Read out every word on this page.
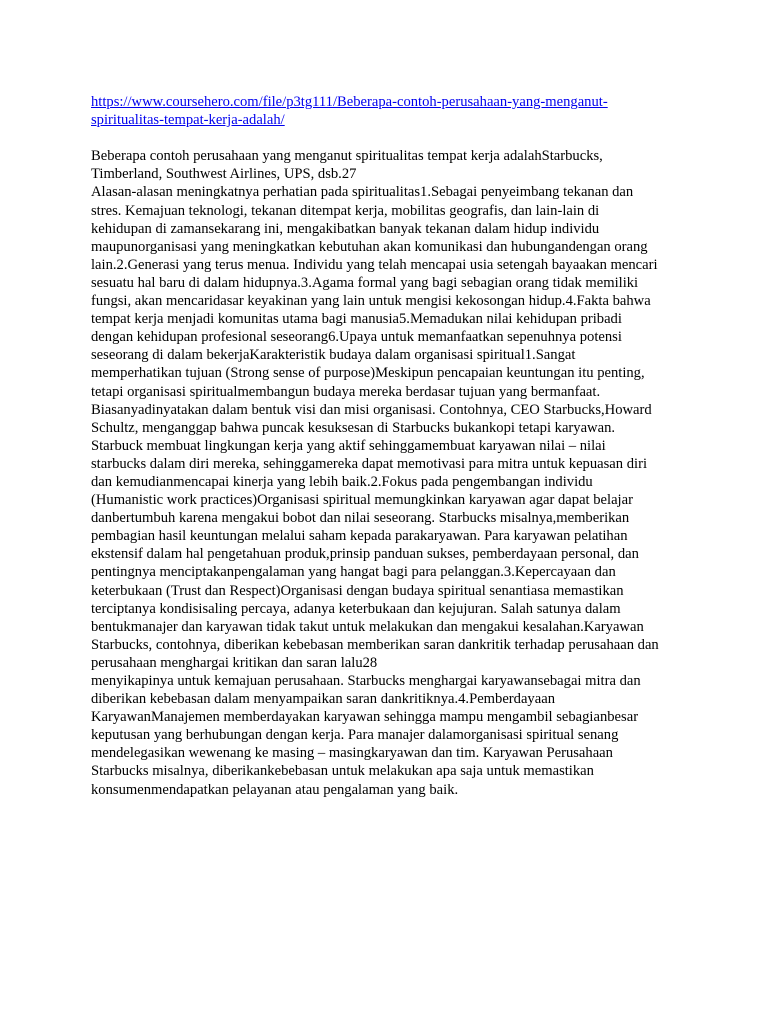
https://www.coursehero.com/file/p3tg111/Beberapa-contoh-perusahaan-yang-menganut-
spiritualitas-tempat-kerja-adalah/
Beberapa contoh perusahaan yang menganut spiritualitas tempat kerja adalahStarbucks,
Timberland, Southwest Airlines, UPS, dsb.27
Alasan-alasan meningkatnya perhatian pada spiritualitas1.Sebagai penyeimbang tekanan dan
stres. Kemajuan teknologi, tekanan ditempat kerja, mobilitas geografis, dan lain-lain di
kehidupan di zamansekarang ini, mengakibatkan banyak tekanan dalam hidup individu
maupunorganisasi yang meningkatkan kebutuhan akan komunikasi dan hubungandengan orang
lain.2.Generasi yang terus menua. Individu yang telah mencapai usia setengah bayaakan mencari
sesuatu hal baru di dalam hidupnya.3.Agama formal yang bagi sebagian orang tidak memiliki
fungsi, akan mencaridasar keyakinan yang lain untuk mengisi kekosongan hidup.4.Fakta bahwa
tempat kerja menjadi komunitas utama bagi manusia5.Memadukan nilai kehidupan pribadi
dengan kehidupan profesional seseorang6.Upaya untuk memanfaatkan sepenuhnya potensi
seseorang di dalam bekerjaKarakteristik budaya dalam organisasi spiritual1.Sangat
memperhatikan tujuan (Strong sense of purpose)Meskipun pencapaian keuntungan itu penting,
tetapi organisasi spiritualmembangun budaya mereka berdasar tujuan yang bermanfaat.
Biasanyadinyatakan dalam bentuk visi dan misi organisasi. Contohnya, CEO Starbucks,Howard
Schultz, menganggap bahwa puncak kesuksesan di Starbucks bukankopi tetapi karyawan.
Starbuck membuat lingkungan kerja yang aktif sehinggamembuat karyawan nilai – nilai
starbucks dalam diri mereka, sehinggamereka dapat memotivasi para mitra untuk kepuasan diri
dan kemudianmencapai kinerja yang lebih baik.2.Fokus pada pengembangan individu
(Humanistic work practices)Organisasi spiritual memungkinkan karyawan agar dapat belajar
danbertumbuh karena mengakui bobot dan nilai seseorang. Starbucks misalnya,memberikan
pembagian hasil keuntungan melalui saham kepada parakaryawan. Para karyawan pelatihan
ekstensif dalam hal pengetahuan produk,prinsip panduan sukses, pemberdayaan personal, dan
pentingnya menciptakanpengalaman yang hangat bagi para pelanggan.3.Kepercayaan dan
keterbukaan (Trust dan Respect)Organisasi dengan budaya spiritual senantiasa memastikan
terciptanya kondisisaling percaya, adanya keterbukaan dan kejujuran. Salah satunya dalam
bentukmanajer dan karyawan tidak takut untuk melakukan dan mengakui kesalahan.Karyawan
Starbucks, contohnya, diberikan kebebasan memberikan saran dankritik terhadap perusahaan dan
perusahaan menghargai kritikan dan saran lalu28
menyikapinya untuk kemajuan perusahaan. Starbucks menghargai karyawansebagai mitra dan
diberikan kebebasan dalam menyampaikan saran dankritiknya.4.Pemberdayaan
KaryawanManajemen memberdayakan karyawan sehingga mampu mengambil sebagianbesar
keputusan yang berhubungan dengan kerja. Para manajer dalamorganisasi spiritual senang
mendelegasikan wewenang ke masing – masingkaryawan dan tim. Karyawan Perusahaan
Starbucks misalnya, diberikankebebasan untuk melakukan apa saja untuk memastikan
konsumenmendapatkan pelayanan atau pengalaman yang baik.
